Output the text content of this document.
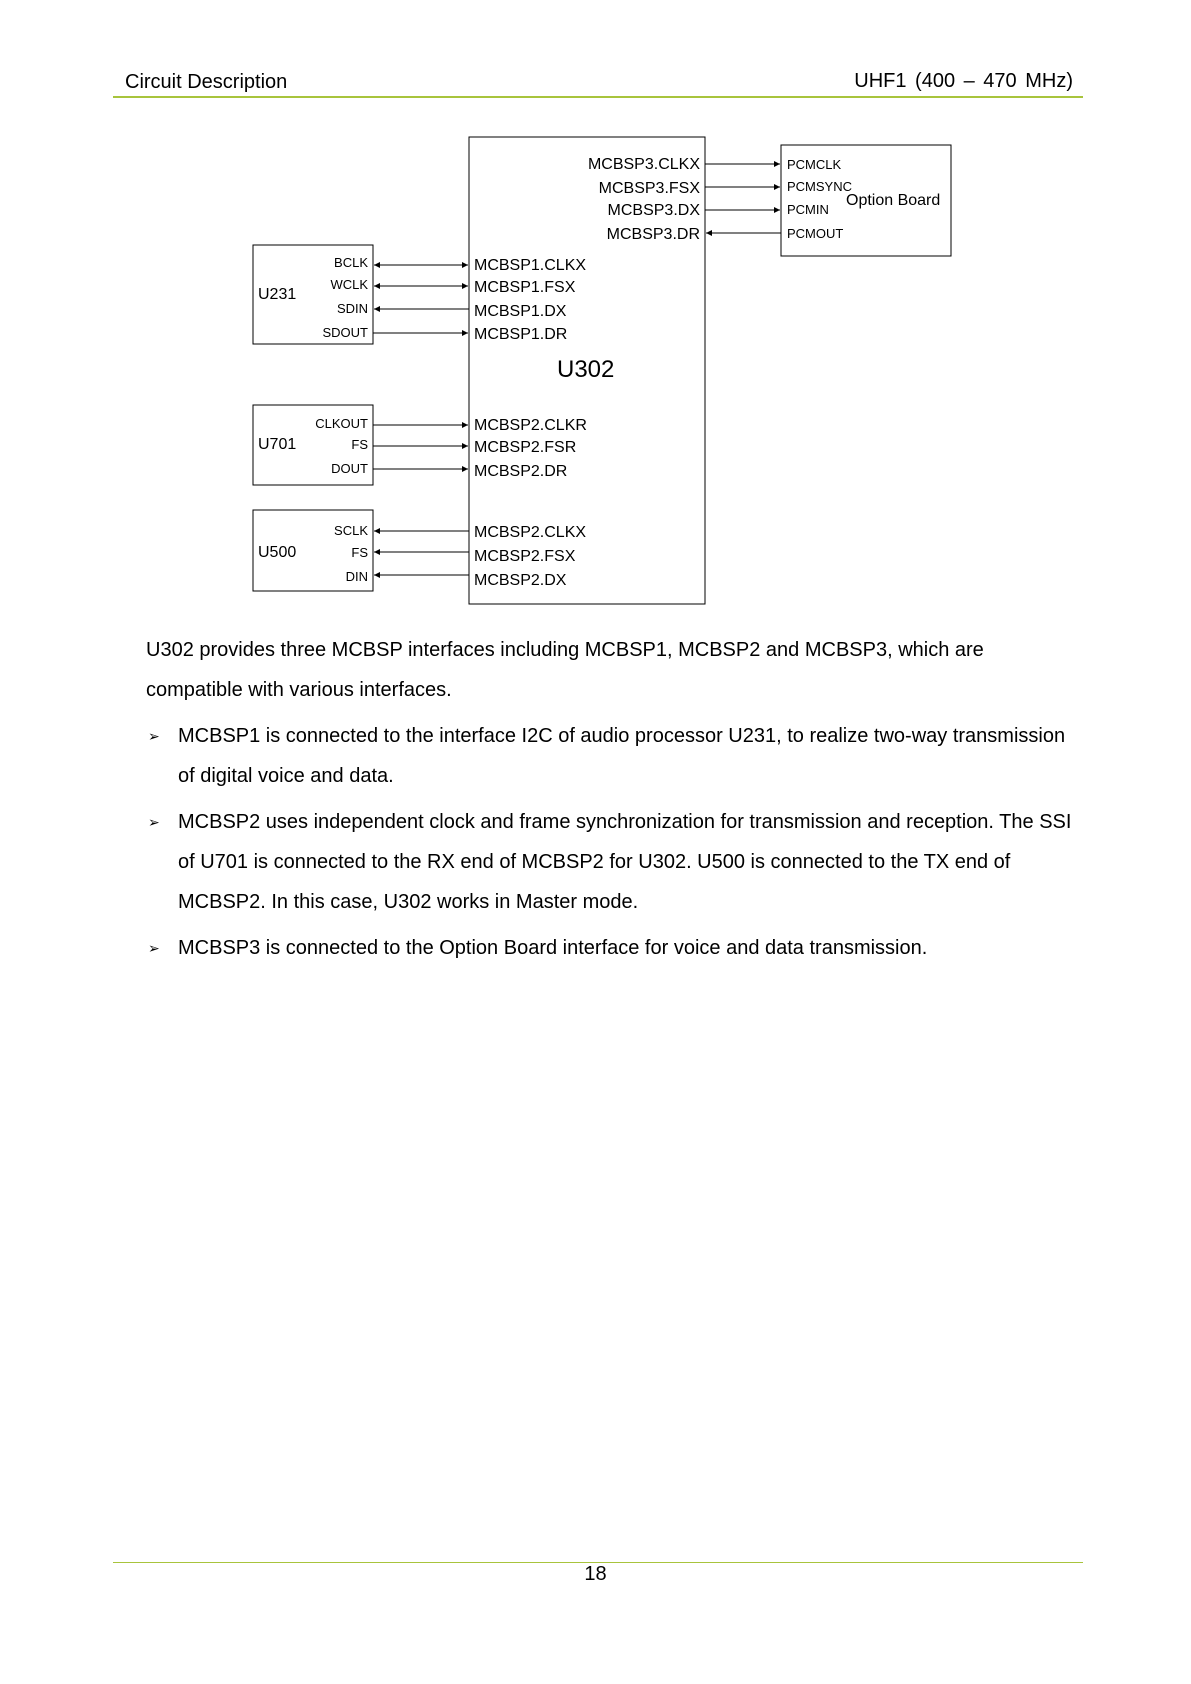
Circuit Description	UHF1 (400 – 470 MHz)
U302
MCBSP3.CLKX
MCBSP3.FSX
MCBSP3.DX
MCBSP3.DR
MCBSP1.CLKX
MCBSP1.FSX
MCBSP1.DX
MCBSP1.DR
MCBSP2.CLKR
MCBSP2.FSR
MCBSP2.DR
MCBSP2.CLKX
MCBSP2.FSX
MCBSP2.DX
PCMCLK
PCMSYNC
PCMIN
PCMOUT
Option Board
U231
BCLK
WCLK
SDIN
SDOUT
U701
CLKOUT
FS
DOUT
U500
SCLK
FS
DIN

U302 provides three MCBSP interfaces including MCBSP1, MCBSP2 and MCBSP3, which are compatible with various interfaces.

➢ MCBSP1 is connected to the interface I2C of audio processor U231, to realize two-way transmission of digital voice and data.
➢ MCBSP2 uses independent clock and frame synchronization for transmission and reception. The SSI of U701 is connected to the RX end of MCBSP2 for U302. U500 is connected to the TX end of MCBSP2. In this case, U302 works in Master mode.
➢ MCBSP3 is connected to the Option Board interface for voice and data transmission.
18
